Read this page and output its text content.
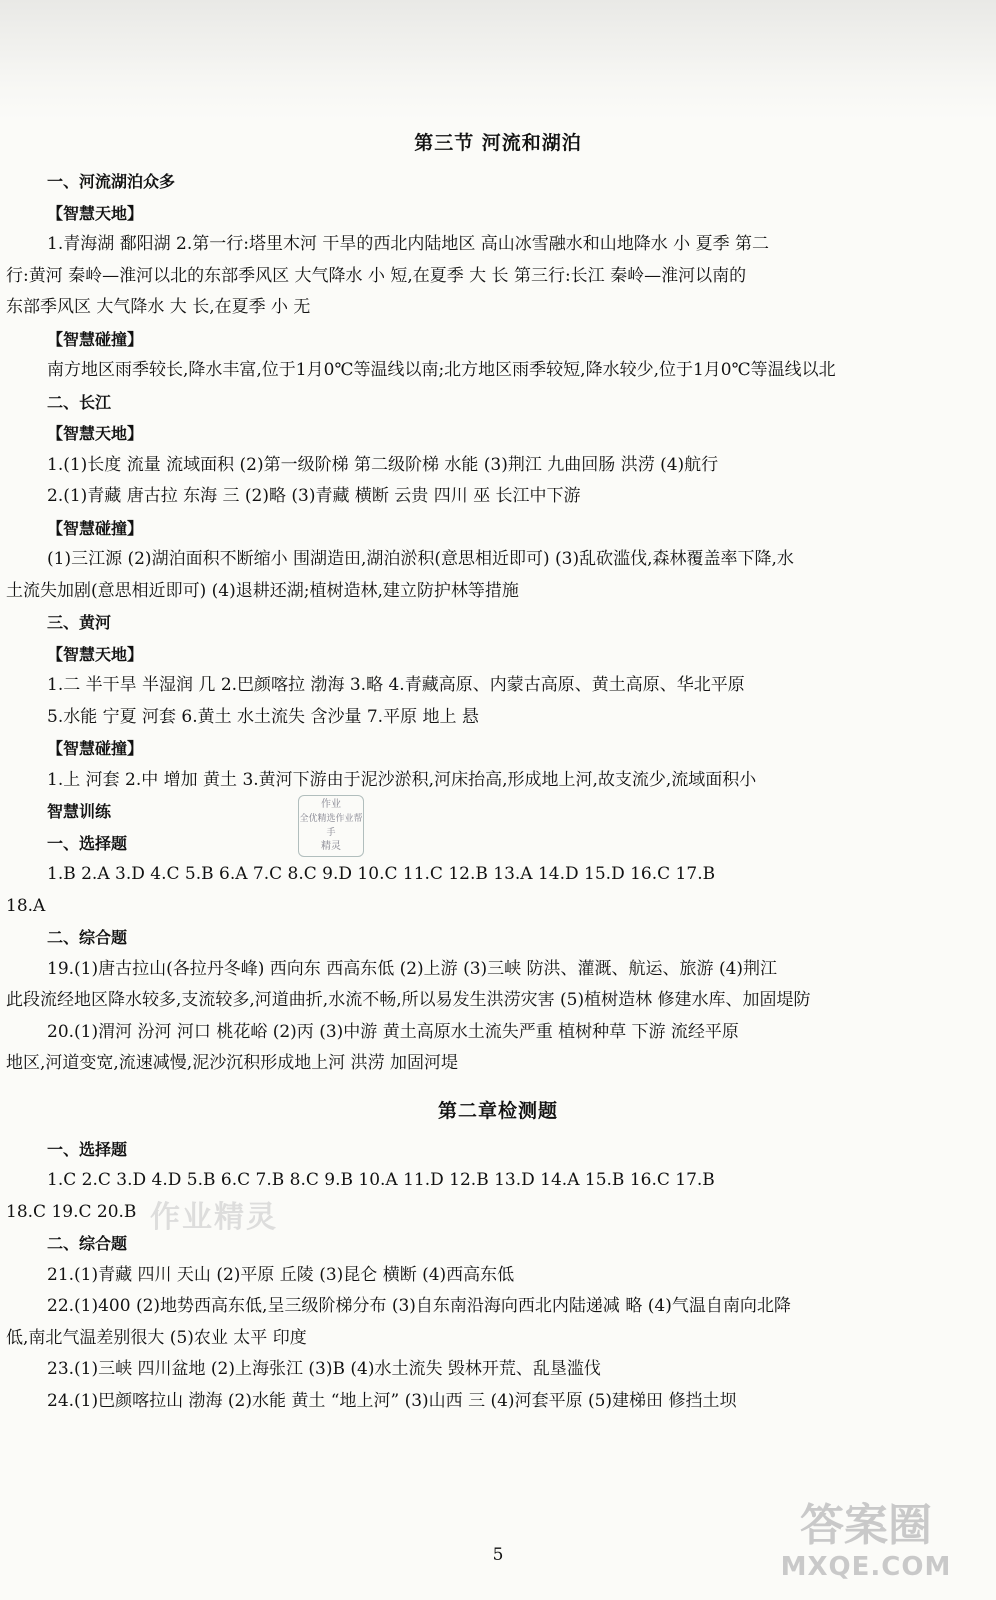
第三节 河流和湖泊
一、河流湖泊众多
【智慧天地】
1.青海湖 鄱阳湖 2.第一行:塔里木河 干旱的西北内陆地区 高山冰雪融水和山地降水 小 夏季 第二
行:黄河 秦岭—淮河以北的东部季风区 大气降水 小 短,在夏季 大 长 第三行:长江 秦岭—淮河以南的
东部季风区 大气降水 大 长,在夏季 小 无
【智慧碰撞】
南方地区雨季较长,降水丰富,位于1月0℃等温线以南;北方地区雨季较短,降水较少,位于1月0℃等温线以北
二、长江
【智慧天地】
1.(1)长度 流量 流域面积 (2)第一级阶梯 第二级阶梯 水能 (3)荆江 九曲回肠 洪涝 (4)航行
2.(1)青藏 唐古拉 东海 三 (2)略 (3)青藏 横断 云贵 四川 巫 长江中下游
【智慧碰撞】
(1)三江源 (2)湖泊面积不断缩小 围湖造田,湖泊淤积(意思相近即可) (3)乱砍滥伐,森林覆盖率下降,水
土流失加剧(意思相近即可) (4)退耕还湖;植树造林,建立防护林等措施
三、黄河
【智慧天地】
1.二 半干旱 半湿润 几 2.巴颜喀拉 渤海 3.略 4.青藏高原、内蒙古高原、黄土高原、华北平原
5.水能 宁夏 河套 6.黄土 水土流失 含沙量 7.平原 地上 悬
【智慧碰撞】
1.上 河套 2.中 增加 黄土 3.黄河下游由于泥沙淤积,河床抬高,形成地上河,故支流少,流域面积小
智慧训练
一、选择题
1.B 2.A 3.D 4.C 5.B 6.A 7.C 8.C 9.D 10.C 11.C 12.B 13.A 14.D 15.D 16.C 17.B
18.A
二、综合题
19.(1)唐古拉山(各拉丹冬峰) 西向东 西高东低 (2)上游 (3)三峡 防洪、灌溉、航运、旅游 (4)荆江
此段流经地区降水较多,支流较多,河道曲折,水流不畅,所以易发生洪涝灾害 (5)植树造林 修建水库、加固堤防
20.(1)渭河 汾河 河口 桃花峪 (2)丙 (3)中游 黄土高原水土流失严重 植树种草 下游 流经平原
地区,河道变宽,流速减慢,泥沙沉积形成地上河 洪涝 加固河堤
第二章检测题
一、选择题
1.C 2.C 3.D 4.D 5.B 6.C 7.B 8.C 9.B 10.A 11.D 12.B 13.D 14.A 15.B 16.C 17.B
18.C 19.C 20.B
二、综合题
21.(1)青藏 四川 天山 (2)平原 丘陵 (3)昆仑 横断 (4)西高东低
22.(1)400 (2)地势西高东低,呈三级阶梯分布 (3)自东南沿海向西北内陆递减 略 (4)气温自南向北降
低,南北气温差别很大 (5)农业 太平 印度
23.(1)三峡 四川盆地 (2)上海张江 (3)B (4)水土流失 毁林开荒、乱垦滥伐
24.(1)巴颜喀拉山 渤海 (2)水能 黄土 “地上河” (3)山西 三 (4)河套平原 (5)建梯田 修挡土坝
作业
全优精选作业帮手
精灵
作业精灵
答案圈
MXQE.COM
5
